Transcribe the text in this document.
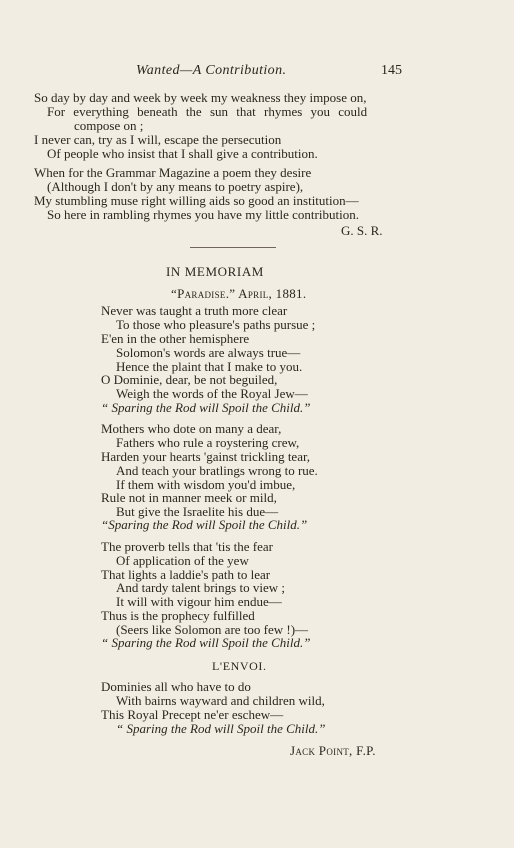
Wanted—A Contribution.	145
So day by day and week by week my weakness they impose on,
For everything beneath the sun that rhymes you could
compose on ;
I never can, try as I will, escape the persecution
Of people who insist that I shall give a contribution.
When for the Grammar Magazine a poem they desire
(Although I don't by any means to poetry aspire),
My stumbling muse right willing aids so good an institution—
So here in rambling rhymes you have my little contribution.
G. S. R.
IN MEMORIAM
“Paradise.” April, 1881.
Never was taught a truth more clear
To those who pleasure's paths pursue ;
E'en in the other hemisphere
Solomon's words are always true—
Hence the plaint that I make to you.
O Dominie, dear, be not beguiled,
Weigh the words of the Royal Jew—
“ Sparing the Rod will Spoil the Child.”
Mothers who dote on many a dear,
Fathers who rule a roystering crew,
Harden your hearts 'gainst trickling tear,
And teach your bratlings wrong to rue.
If them with wisdom you'd imbue,
Rule not in manner meek or mild,
But give the Israelite his due—
“Sparing the Rod will Spoil the Child.”
The proverb tells that 'tis the fear
Of application of the yew
That lights a laddie's path to lear
And tardy talent brings to view ;
It will with vigour him endue—
Thus is the prophecy fulfilled
(Seers like Solomon are too few !)—
“ Sparing the Rod will Spoil the Child.”
L'ENVOI.
Dominies all who have to do
With bairns wayward and children wild,
This Royal Precept ne'er eschew—
“ Sparing the Rod will Spoil the Child.”
Jack Point, F.P.
